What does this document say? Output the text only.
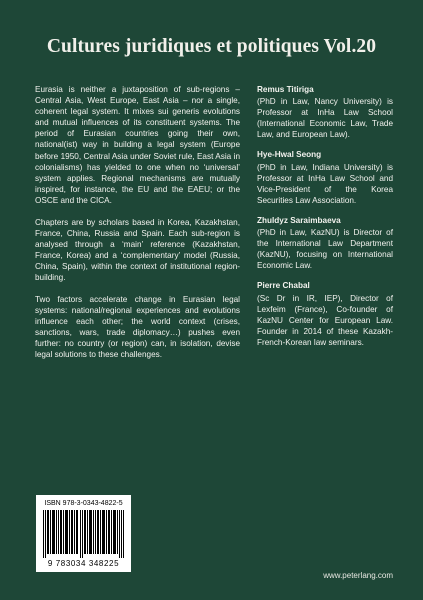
Cultures juridiques et politiques Vol.20

Eurasia is neither a juxtaposition of sub-regions – Central Asia, West Europe, East Asia – nor a single, coherent legal system. It mixes sui generis evolutions and mutual influences of its constituent systems. The period of Eurasian countries going their own, national(ist) way in building a legal system (Europe before 1950, Central Asia under Soviet rule, East Asia in colonialisms) has yielded to one when no ‘universal’ system applies. Regional mechanisms are mutually inspired, for instance, the EU and the EAEU; or the OSCE and the CICA.

Chapters are by scholars based in Korea, Kazakhstan, France, China, Russia and Spain. Each sub-region is analysed through a ‘main’ reference (Kazakhstan, France, Korea) and a ‘complementary’ model (Russia, China, Spain), within the context of institutional region-building.

Two factors accelerate change in Eurasian legal systems: national/regional experiences and evolutions influence each other; the world context (crises, sanctions, wars, trade diplomacy…) pushes even further: no country (or region) can, in isolation, devise legal solutions to these challenges.

Remus Titiriga
(PhD in Law, Nancy University) is Professor at InHa Law School (International Economic Law, Trade Law, and European Law).
Hye-Hwal Seong
(PhD in Law, Indiana University) is Professor at InHa Law School and Vice-President of the Korea Securities Law Association.
Zhuldyz Saraimbaeva
(PhD in Law, KazNU) is Director of the International Law Department (KazNU), focusing on International Economic Law.
Pierre Chabal
(Sc Dr in IR, IEP), Director of Lexfeim (France), Co-founder of KazNU Center for European Law. Founder in 2014 of these Kazakh-French-Korean law seminars.
ISBN 978-3-0343-4822-5
9 783034 348225
www.peterlang.com
